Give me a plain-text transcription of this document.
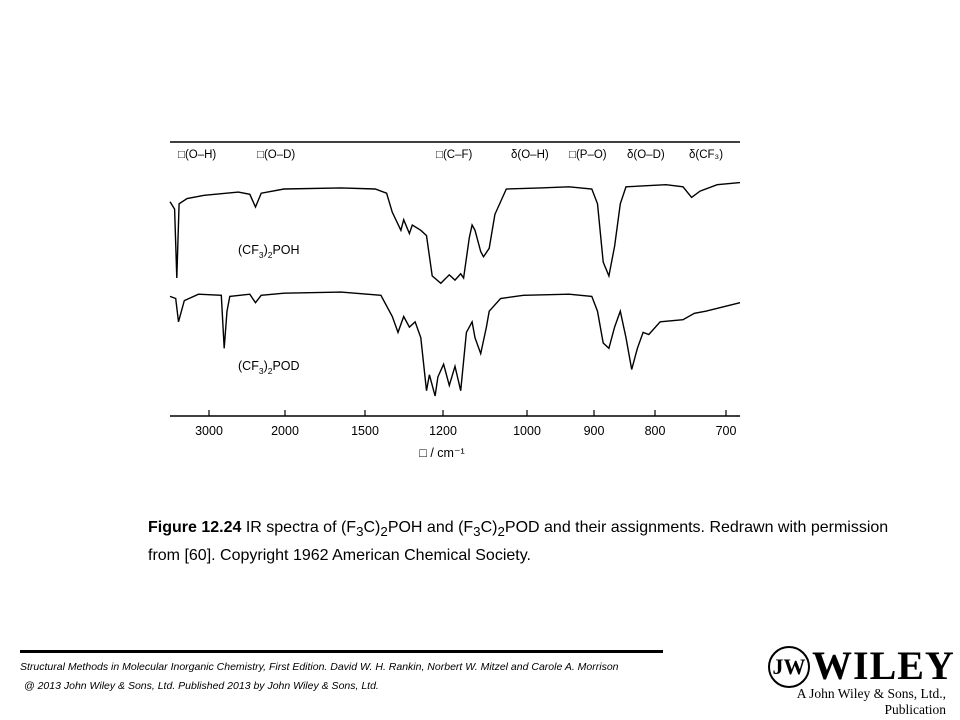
□(O–H)	□(O–D)	□(C–F)	δ(O–H) □(P–O) δ(O–D) δ(CF₃)
3000	2000	1500	1200	1000	900	800	700
□ / cm⁻¹
$(CF_3)_2POH$
$(CF_3)_2POD$
Figure 12.24 IR spectra of $(F_3C)_2POH$ and $(F_3C)_2POD$ and their assignments. Redrawn with permission from [60]. Copyright 1962 American Chemical Society.
Structural Methods in Molecular Inorganic Chemistry, First Edition. David W. H. Rankin, Norbert W. Mitzel and Carole A. Morrison
@ 2013 John Wiley & Sons, Ltd. Published 2013 by John Wiley & Sons, Ltd.
JW WILEY
A John Wiley & Sons, Ltd., Publication
